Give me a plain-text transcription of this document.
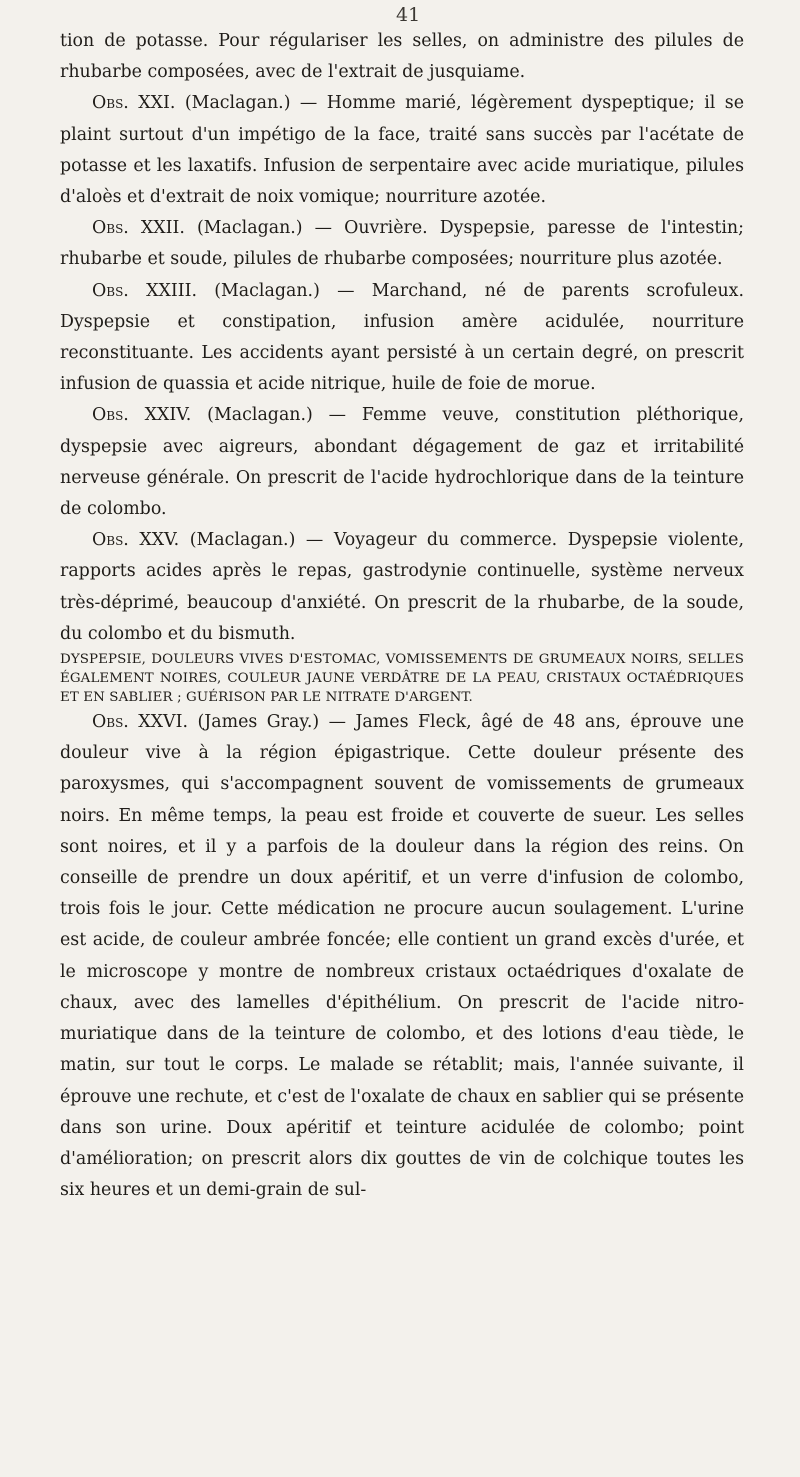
41

tion de potasse. Pour régulariser les selles, on administre des pilules de rhubarbe composées, avec de l'extrait de jusquiame.

Obs. XXI. (Maclagan.) — Homme marié, légèrement dyspeptique; il se plaint surtout d'un impétigo de la face, traité sans succès par l'acétate de potasse et les laxatifs. Infusion de serpentaire avec acide muriatique, pilules d'aloès et d'extrait de noix vomique; nourriture azotée.

Obs. XXII. (Maclagan.) — Ouvrière. Dyspepsie, paresse de l'intestin; rhubarbe et soude, pilules de rhubarbe composées; nourriture plus azotée.

Obs. XXIII. (Maclagan.) — Marchand, né de parents scrofuleux. Dyspepsie et constipation, infusion amère acidulée, nourriture reconstituante. Les accidents ayant persisté à un certain degré, on prescrit infusion de quassia et acide nitrique, huile de foie de morue.

Obs. XXIV. (Maclagan.) — Femme veuve, constitution pléthorique, dyspepsie avec aigreurs, abondant dégagement de gaz et irritabilité nerveuse générale. On prescrit de l'acide hydrochlorique dans de la teinture de colombo.

Obs. XXV. (Maclagan.) — Voyageur du commerce. Dyspepsie violente, rapports acides après le repas, gastrodynie continuelle, système nerveux très-déprimé, beaucoup d'anxiété. On prescrit de la rhubarbe, de la soude, du colombo et du bismuth.

DYSPEPSIE, DOULEURS VIVES D'ESTOMAC, VOMISSEMENTS DE GRUMEAUX NOIRS, SELLES ÉGALEMENT NOIRES, COULEUR JAUNE VERDÂTRE DE LA PEAU, CRISTAUX OCTAÉDRIQUES ET EN SABLIER ; GUÉRISON PAR LE NITRATE D'ARGENT.

Obs. XXVI. (James Gray.) — James Fleck, âgé de 48 ans, éprouve une douleur vive à la région épigastrique. Cette douleur présente des paroxysmes, qui s'accompagnent souvent de vomissements de grumeaux noirs. En même temps, la peau est froide et couverte de sueur. Les selles sont noires, et il y a parfois de la douleur dans la région des reins. On conseille de prendre un doux apéritif, et un verre d'infusion de colombo, trois fois le jour. Cette médication ne procure aucun soulagement. L'urine est acide, de couleur ambrée foncée; elle contient un grand excès d'urée, et le microscope y montre de nombreux cristaux octaédriques d'oxalate de chaux, avec des lamelles d'épithélium. On prescrit de l'acide nitro-muriatique dans de la teinture de colombo, et des lotions d'eau tiède, le matin, sur tout le corps. Le malade se rétablit; mais, l'année suivante, il éprouve une rechute, et c'est de l'oxalate de chaux en sablier qui se présente dans son urine. Doux apéritif et teinture acidulée de colombo; point d'amélioration; on prescrit alors dix gouttes de vin de colchique toutes les six heures et un demi-grain de sul-
